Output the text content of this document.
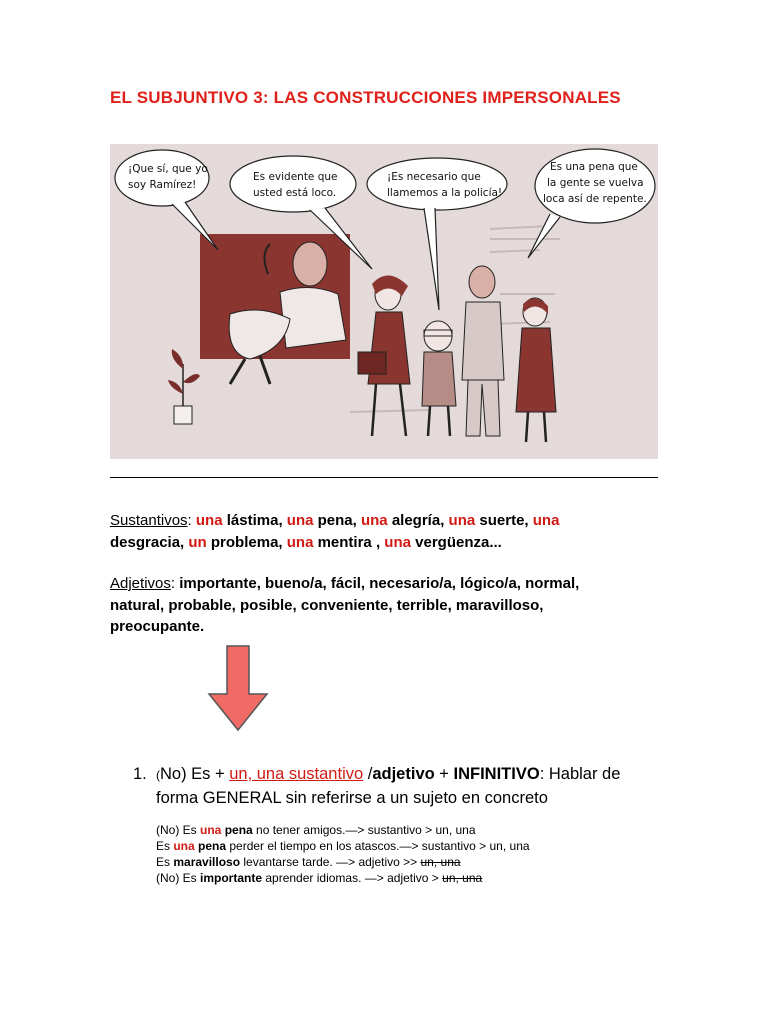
EL SUBJUNTIVO 3: LAS CONSTRUCCIONES IMPERSONALES
¡Que sí, que yo
soy Ramírez!
Es evidente que
usted está loco.
¡Es necesario que
llamemos a la policía!
Es una pena que
la gente se vuelva
loca así de repente.
Sustantivos: una lástima, una pena, una alegría, una suerte, una
desgracia, un problema, una mentira , una vergüenza...
Adjetivos: importante, bueno/a, fácil, necesario/a, lógico/a, normal,
natural, probable, posible, conveniente, terrible, maravilloso,
preocupante.
1. (No) Es + un, una sustantivo /adjetivo + INFINITIVO: Hablar de forma GENERAL sin referirse a un sujeto en concreto
(No) Es una pena no tener amigos.—> sustantivo > un, una
Es una pena perder el tiempo en los atascos.—> sustantivo > un, una
Es maravilloso levantarse tarde. —> adjetivo >> un, una
(No) Es importante aprender idiomas. —> adjetivo > un, una
